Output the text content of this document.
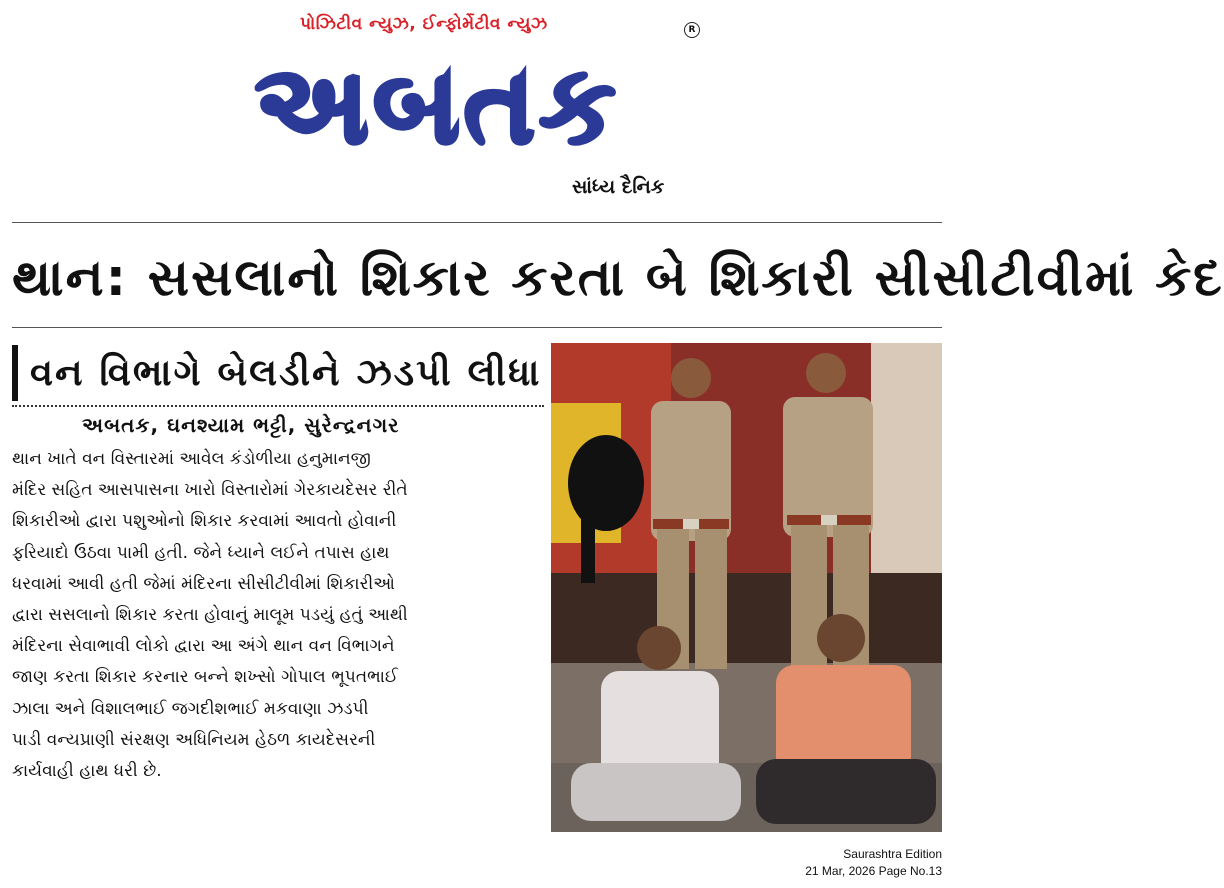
પોઝિટીવ ન્યુઝ, ઈન્ફોર્મેટીવ ન્યુઝ	R
અબતક
સાંધ્ય દૈનિક
થાન: સસલાનો શિકાર કરતા બે શિકારી સીસીટીવીમાં કેદ
વન વિભાગે બેલડીને ઝડપી લીધા
અબતક, ઘનશ્યામ ભટ્ટી, સુરેન્દ્રનગર
થાન ખાતે વન વિસ્તારમાં આવેલ કંડોળીયા હનુમાનજી
મંદિર સહિત આસપાસના ખારો વિસ્તારોમાં ગેરકાયદેસર રીતે
શિકારીઓ દ્વારા પશુઓનો શિકાર કરવામાં આવતો હોવાની
ફરિયાદો ઉઠવા પામી હતી. જેને ધ્યાને લઈને તપાસ હાથ
ધરવામાં આવી હતી જેમાં મંદિરના સીસીટીવીમાં શિકારીઓ
દ્વારા સસલાનો શિકાર કરતા હોવાનું માલૂમ પડયું હતું આથી
મંદિરના સેવાભાવી લોકો દ્વારા આ અંગે થાન વન વિભાગને
જાણ કરતા શિકાર કરનાર બન્ને શખ્સો ગોપાલ ભૂપતભાઈ
ઝાલા અને વિશાલભાઈ જગદીશભાઈ મકવાણા ઝડપી
પાડી વન્યપ્રાણી સંરક્ષણ અધિનિયમ હેઠળ કાયદેસરની
કાર્યવાહી હાથ ધરી છે.
Saurashtra Edition
21 Mar, 2026 Page No.13
